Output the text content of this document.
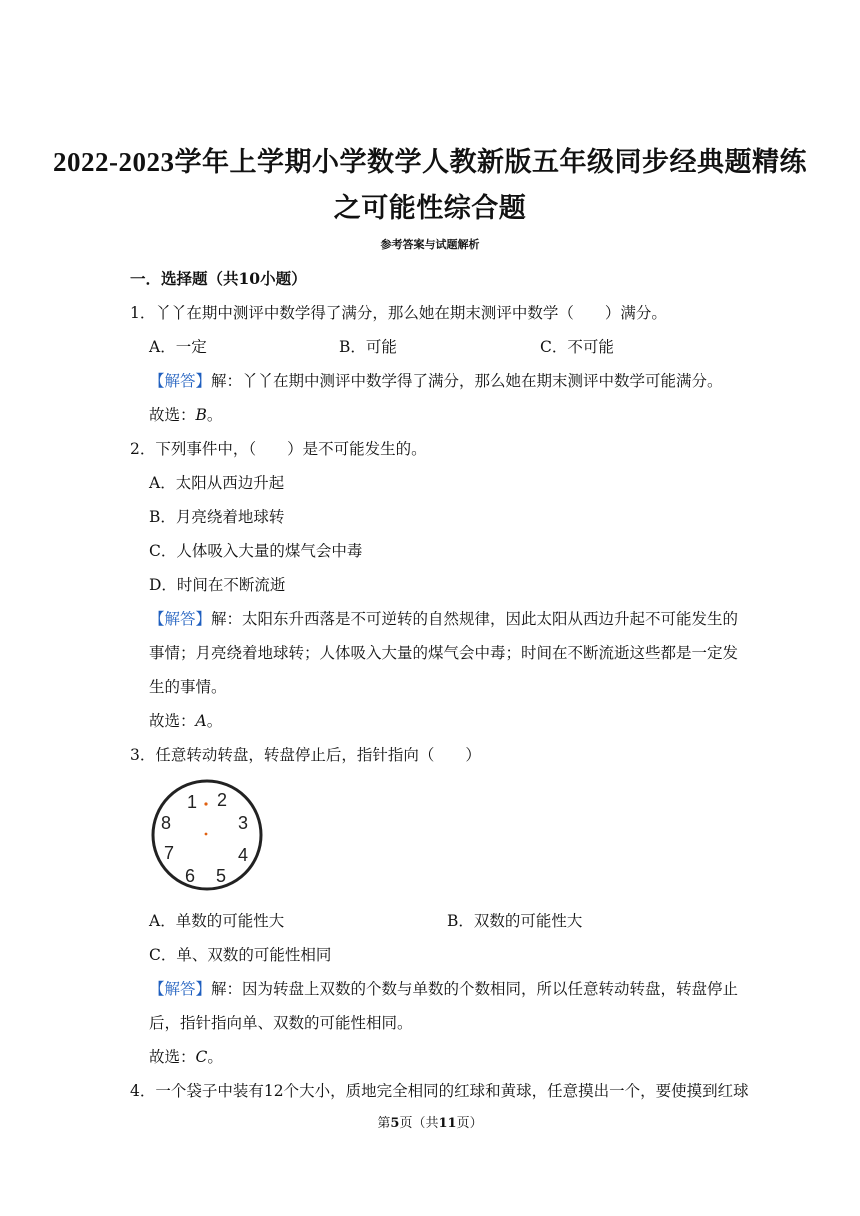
2022-2023学年上学期小学数学人教新版五年级同步经典题精练
之可能性综合题
参考答案与试题解析
一．选择题（共10小题）
1．丫丫在期中测评中数学得了满分，那么她在期末测评中数学（　　）满分。
A．一定	B．可能	C．不可能
【解答】解：丫丫在期中测评中数学得了满分，那么她在期末测评中数学可能满分。
故选：B。
2．下列事件中，（　　）是不可能发生的。
A．太阳从西边升起
B．月亮绕着地球转
C．人体吸入大量的煤气会中毒
D．时间在不断流逝
【解答】解：太阳东升西落是不可逆转的自然规律，因此太阳从西边升起不可能发生的
事情；月亮绕着地球转；人体吸入大量的煤气会中毒；时间在不断流逝这些都是一定发
生的事情。
故选：A。
3．任意转动转盘，转盘停止后，指针指向（　　）
1 2
3
4
5
6
7
8
A．单数的可能性大	B．双数的可能性大
C．单、双数的可能性相同
【解答】解：因为转盘上双数的个数与单数的个数相同，所以任意转动转盘，转盘停止
后，指针指向单、双数的可能性相同。
故选：C。
4．一个袋子中装有12个大小，质地完全相同的红球和黄球，任意摸出一个，要使摸到红球
第5页（共11页）
